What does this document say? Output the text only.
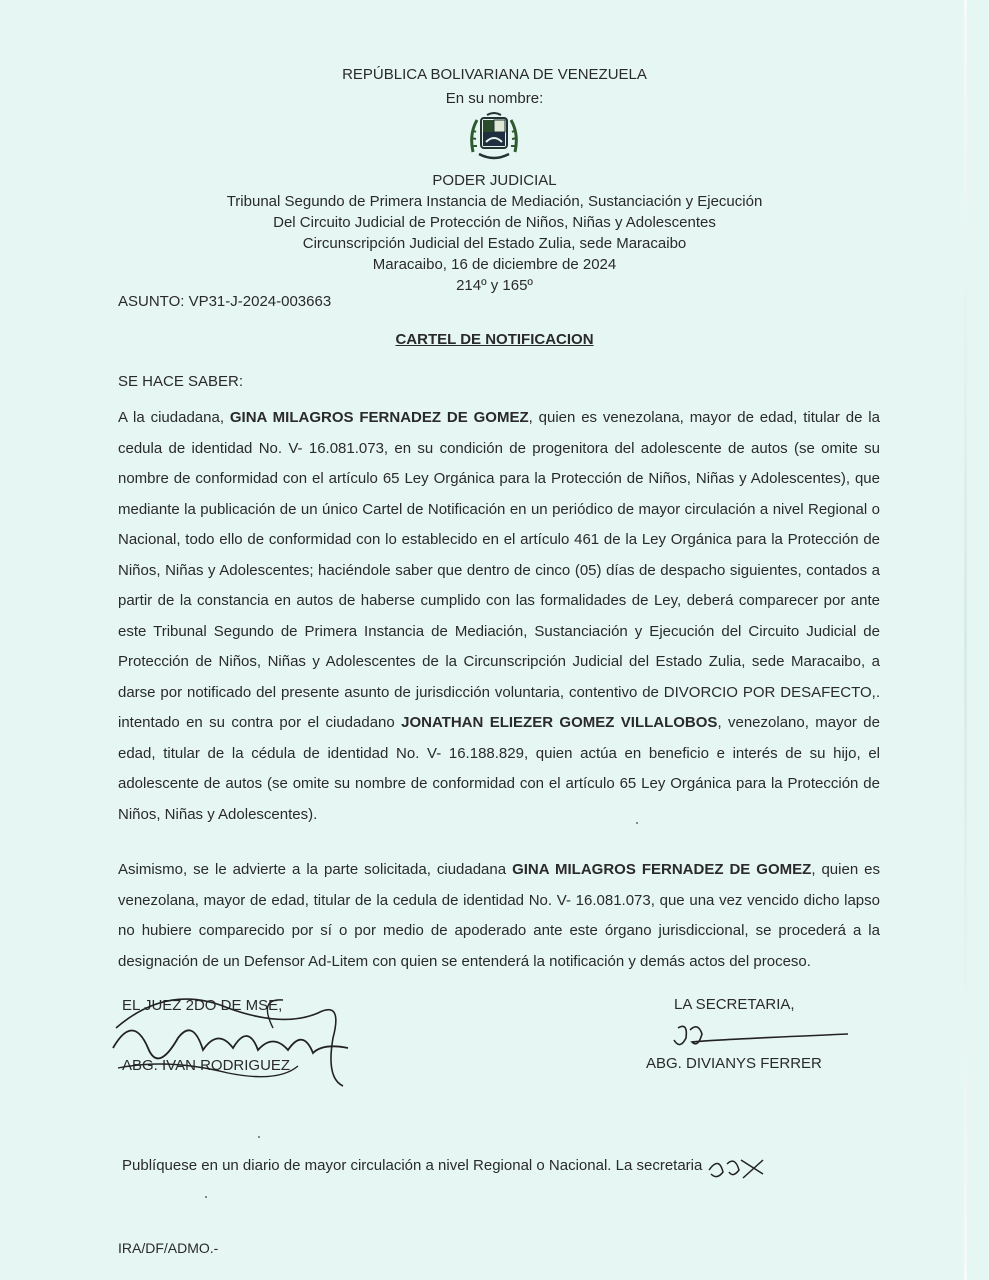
REPÚBLICA BOLIVARIANA DE VENEZUELA
En su nombre:
PODER JUDICIAL
Tribunal Segundo de Primera Instancia de Mediación, Sustanciación y Ejecución
Del Circuito Judicial de Protección de Niños, Niñas y Adolescentes
Circunscripción Judicial del Estado Zulia, sede Maracaibo
Maracaibo, 16 de diciembre de 2024
214º y 165º
ASUNTO: VP31-J-2024-003663
CARTEL DE NOTIFICACION
SE HACE SABER:
A la ciudadana, GINA MILAGROS FERNADEZ DE GOMEZ, quien es venezolana, mayor de edad, titular de la cedula de identidad No. V- 16.081.073, en su condición de progenitora del adolescente de autos (se omite su nombre de conformidad con el artículo 65 Ley Orgánica para la Protección de Niños, Niñas y Adolescentes), que mediante la publicación de un único Cartel de Notificación en un periódico de mayor circulación a nivel Regional o Nacional, todo ello de conformidad con lo establecido en el artículo 461 de la Ley Orgánica para la Protección de Niños, Niñas y Adolescentes; haciéndole saber que dentro de cinco (05) días de despacho siguientes, contados a partir de la constancia en autos de haberse cumplido con las formalidades de Ley, deberá comparecer por ante este Tribunal Segundo de Primera Instancia de Mediación, Sustanciación y Ejecución del Circuito Judicial de Protección de Niños, Niñas y Adolescentes de la Circunscripción Judicial del Estado Zulia, sede Maracaibo, a darse por notificado del presente asunto de jurisdicción voluntaria, contentivo de DIVORCIO POR DESAFECTO,. intentado en su contra por el ciudadano JONATHAN ELIEZER GOMEZ VILLALOBOS, venezolano, mayor de edad, titular de la cédula de identidad No. V- 16.188.829, quien actúa en beneficio e interés de su hijo, el adolescente de autos (se omite su nombre de conformidad con el artículo 65 Ley Orgánica para la Protección de Niños, Niñas y Adolescentes).
Asimismo, se le advierte a la parte solicitada, ciudadana GINA MILAGROS FERNADEZ DE GOMEZ, quien es venezolana, mayor de edad, titular de la cedula de identidad No. V- 16.081.073, que una vez vencido dicho lapso no hubiere comparecido por sí o por medio de apoderado ante este órgano jurisdiccional, se procederá a la designación de un Defensor Ad-Litem con quien se entenderá la notificación y demás actos del proceso.
EL JUEZ 2DO DE MSE,
ABG. IVAN RODRIGUEZ
LA SECRETARIA,
ABG. DIVIANYS FERRER
Publíquese en un diario de mayor circulación a nivel Regional o Nacional. La secretaria
IRA/DF/ADMO.-
